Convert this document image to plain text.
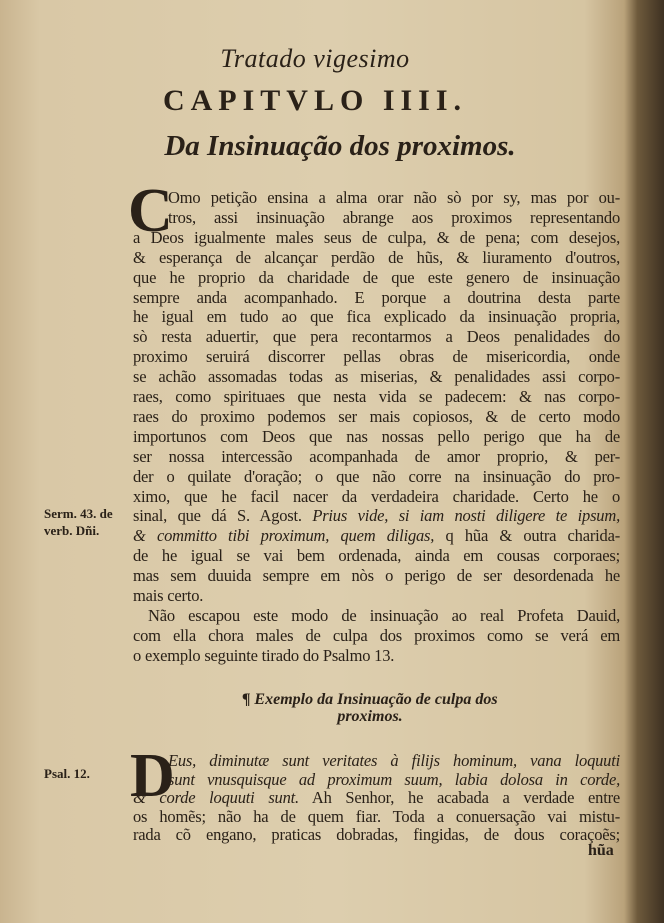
Tratado vigesimo
CAPITVLO IIII.
Da Insinuação dos proximos.
C
Omo petição ensina a alma orar não sò por sy, mas por ou-
tros, assi insinuação abrange aos proximos representando
a Deos igualmente males seus de culpa, & de pena; com desejos,
& esperança de alcançar perdão de hũs, & liuramento d'outros,
que he proprio da charidade de que este genero de insinuação
sempre anda acompanhado. E porque a doutrina desta parte
he igual em tudo ao que fica explicado da insinuação propria,
sò resta aduertir, que pera recontarmos a Deos penalidades do
proximo seruirá discorrer pellas obras de misericordia, onde
se achão assomadas todas as miserias, & penalidades assi corpo-
raes, como spirituaes que nesta vida se padecem: & nas corpo-
raes do proximo podemos ser mais copiosos, & de certo modo
importunos com Deos que nas nossas pello perigo que ha de
ser nossa intercessão acompanhada de amor proprio, & per-
der o quilate d'oração; o que não corre na insinuação do pro-
ximo, que he facil nacer da verdadeira charidade. Certo he o
sinal, que dá S. Agost. Prius vide, si iam nosti diligere te ipsum,
& committo tibi proximum, quem diligas, q hũa & outra charida-
de he igual se vai bem ordenada, ainda em cousas corporaes;
mas sem duuida sempre em nòs o perigo de ser desordenada he
mais certo.
Não escapou este modo de insinuação ao real Profeta Dauid,
com ella chora males de culpa dos proximos como se verá em
o exemplo seguinte tirado do Psalmo 13.
¶ Exemplo da Insinuação de culpa dos
proximos.
D
Eus, diminutæ sunt veritates à filijs hominum, vana loquuti
sunt vnusquisque ad proximum suum, labia dolosa in corde,
& corde loquuti sunt. Ah Senhor, he acabada a verdade entre
os homẽs; não ha de quem fiar. Toda a conuersação vai mistu-
rada cõ engano, praticas dobradas, fingidas, de dous coraçoẽs;
hũa
Serm. 43. de
verb. Dñi.
Psal. 12.
